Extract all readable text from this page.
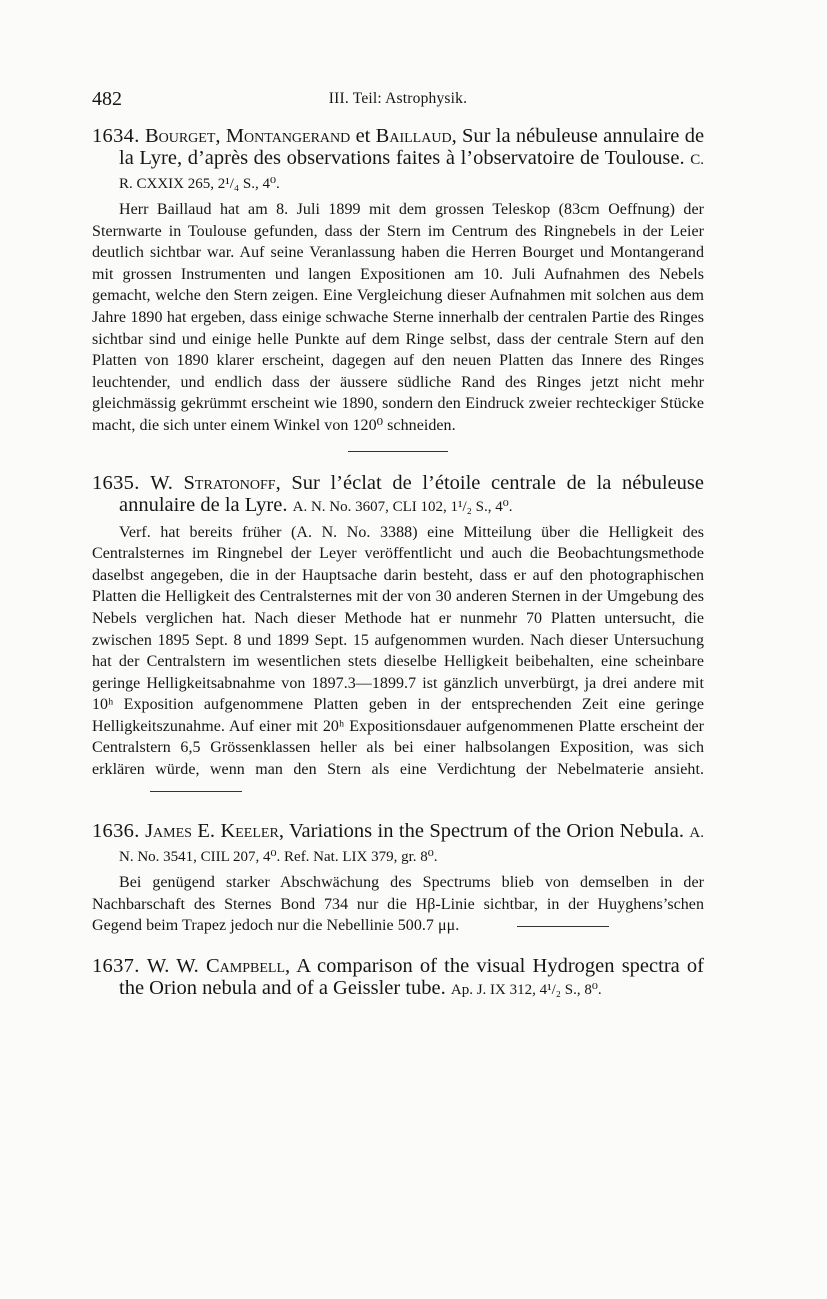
482	III. Teil: Astrophysik.
1634. Bourget, Montangerand et Baillaud, Sur la nébuleuse annulaire de la Lyre, d’après des observations faites à l’observatoire de Toulouse. C. R. CXXIX 265, 2¹/₄ S., 4⁰.

Herr Baillaud hat am 8. Juli 1899 mit dem grossen Teleskop (83cm Oeffnung) der Sternwarte in Toulouse gefunden, dass der Stern im Centrum des Ringnebels in der Leier deutlich sichtbar war. Auf seine Veranlassung haben die Herren Bourget und Montangerand mit grossen Instrumenten und langen Expositionen am 10. Juli Aufnahmen des Nebels gemacht, welche den Stern zeigen. Eine Vergleichung dieser Aufnahmen mit solchen aus dem Jahre 1890 hat ergeben, dass einige schwache Sterne innerhalb der centralen Partie des Ringes sichtbar sind und einige helle Punkte auf dem Ringe selbst, dass der centrale Stern auf den Platten von 1890 klarer erscheint, dagegen auf den neuen Platten das Innere des Ringes leuchtender, und endlich dass der äussere südliche Rand des Ringes jetzt nicht mehr gleichmässig gekrümmt erscheint wie 1890, sondern den Eindruck zweier rechteckiger Stücke macht, die sich unter einem Winkel von 120⁰ schneiden.

1635. W. Stratonoff, Sur l’éclat de l’étoile centrale de la nébuleuse annulaire de la Lyre. A. N. No. 3607, CLI 102, 1¹/₂ S., 4⁰.

Verf. hat bereits früher (A. N. No. 3388) eine Mitteilung über die Helligkeit des Centralsternes im Ringnebel der Leyer veröffentlicht und auch die Beobachtungsmethode daselbst angegeben, die in der Hauptsache darin besteht, dass er auf den photographischen Platten die Helligkeit des Centralsternes mit der von 30 anderen Sternen in der Umgebung des Nebels verglichen hat. Nach dieser Methode hat er nunmehr 70 Platten untersucht, die zwischen 1895 Sept. 8 und 1899 Sept. 15 aufgenommen wurden. Nach dieser Untersuchung hat der Centralstern im wesentlichen stets dieselbe Helligkeit beibehalten, eine scheinbare geringe Helligkeitsabnahme von 1897.3—1899.7 ist gänzlich unverbürgt, ja drei andere mit 10ʰ Exposition aufgenommene Platten geben in der entsprechenden Zeit eine geringe Helligkeitszunahme. Auf einer mit 20ʰ Expositionsdauer aufgenommenen Platte erscheint der Centralstern 6,5 Grössenklassen heller als bei einer halbsolangen Exposition, was sich erklären würde, wenn man den Stern als eine Verdichtung der Nebelmaterie ansieht.

1636. James E. Keeler, Variations in the Spectrum of the Orion Nebula. A. N. No. 3541, CIIL 207, 4⁰. Ref. Nat. LIX 379, gr. 8⁰.

Bei genügend starker Abschwächung des Spectrums blieb von demselben in der Nachbarschaft des Sternes Bond 734 nur die Hβ-Linie sichtbar, in der Huyghens’schen Gegend beim Trapez jedoch nur die Nebellinie 500.7 μμ.

1637. W. W. Campbell, A comparison of the visual Hydrogen spectra of the Orion nebula and of a Geissler tube. Ap. J. IX 312, 4¹/₂ S., 8⁰.
